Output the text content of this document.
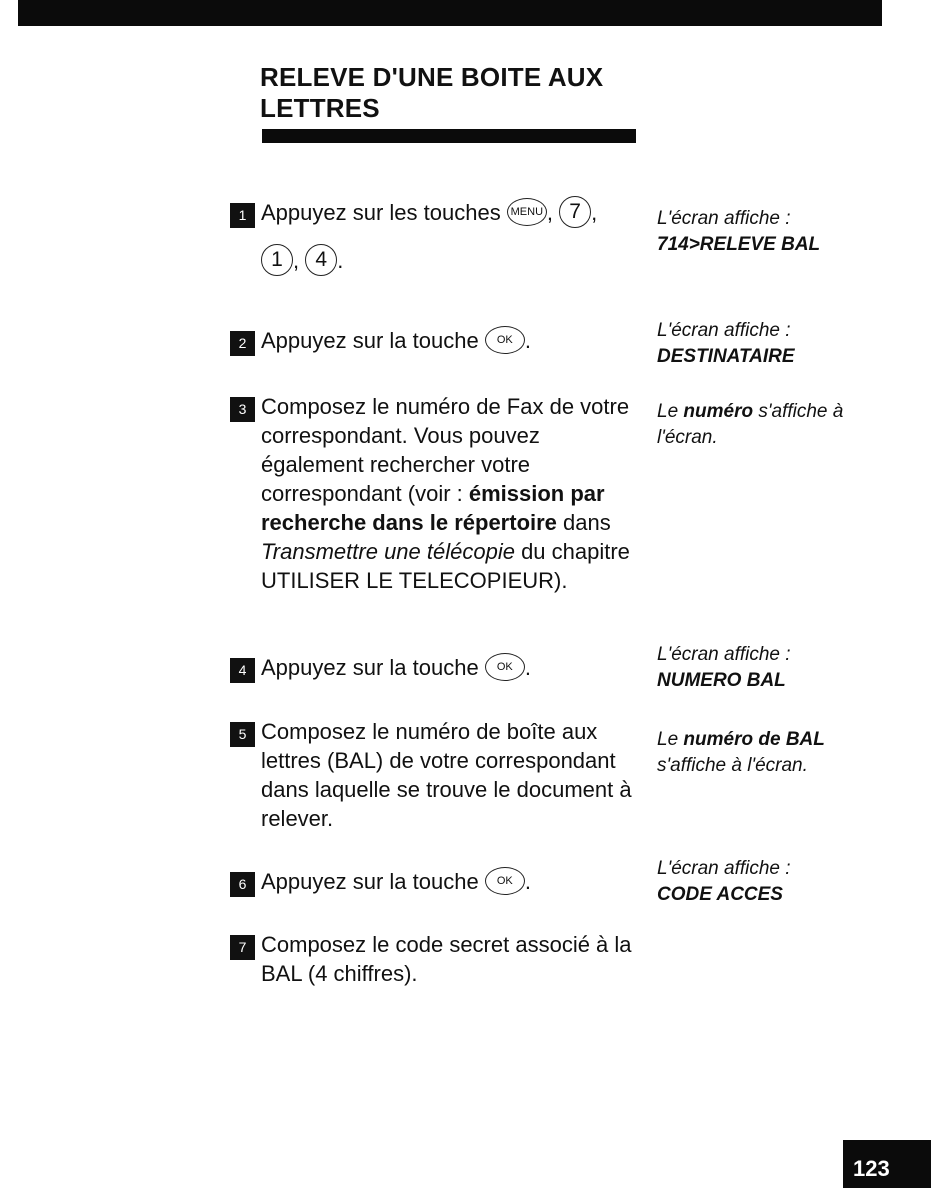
RELEVE D'UNE BOITE AUX
LETTRES
1 Appuyez sur les touches MENU , 7 ,
1 , 4 .
L'écran affiche :
714>RELEVE BAL
2 Appuyez sur la touche OK .	L'écran affiche :
DESTINATAIRE
3 Composez le numéro de Fax de votre correspondant. Vous pouvez également rechercher votre correspondant (voir : émission par recherche dans le répertoire dans Transmettre une télécopie du chapitre UTILISER LE TELECOPIEUR).
Le numéro s'affiche à l'écran.
4 Appuyez sur la touche OK .
L'écran affiche :
NUMERO BAL
5 Composez le numéro de boîte aux lettres (BAL) de votre correspondant dans laquelle se trouve le document à relever.
Le numéro de BAL s'affiche à l'écran.
6 Appuyez sur la touche OK .
L'écran affiche :
CODE ACCES
7 Composez le code secret associé à la BAL (4 chiffres).
123
